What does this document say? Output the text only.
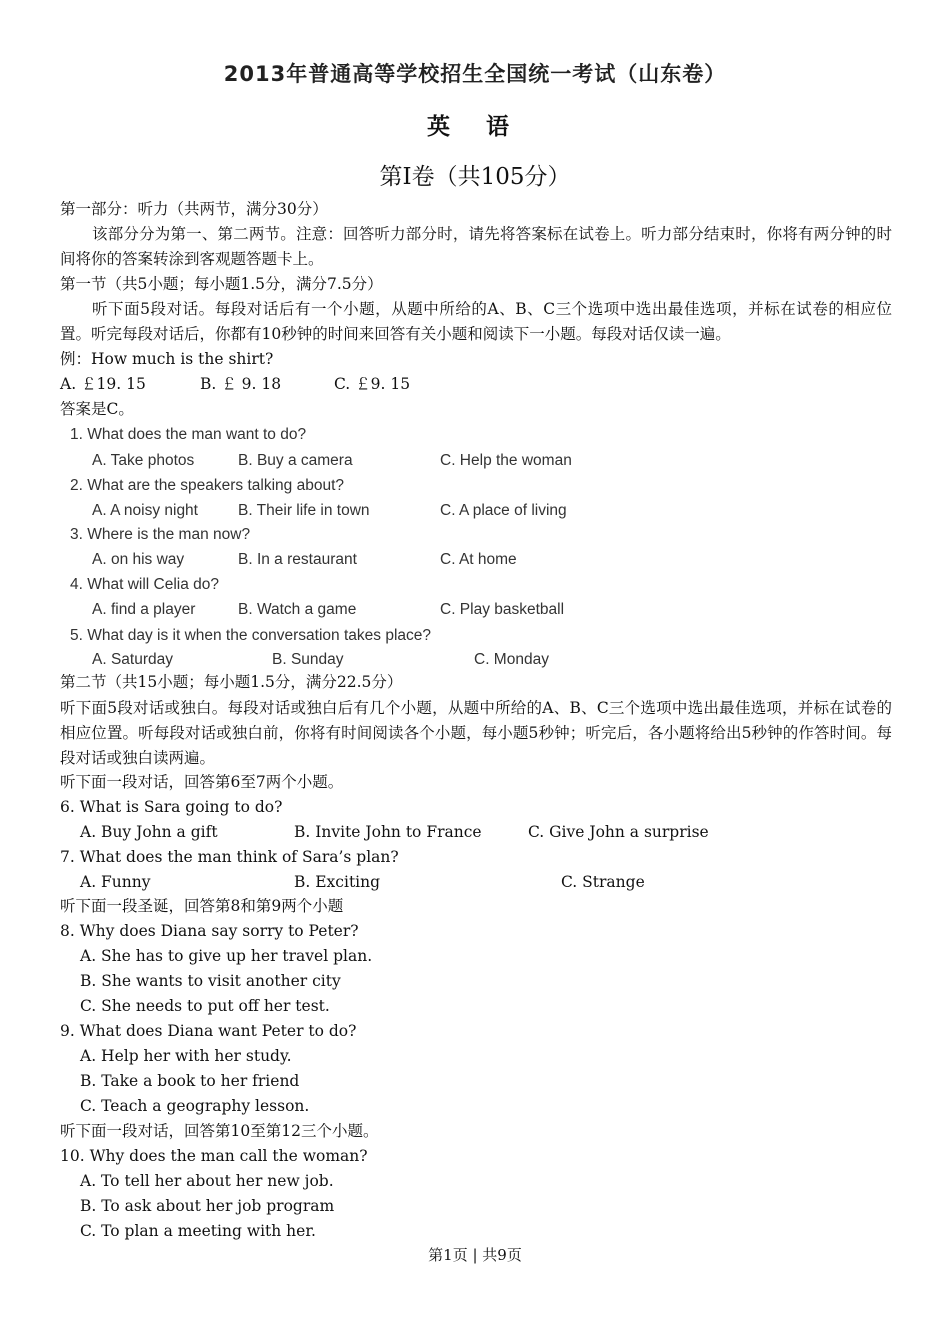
2013年普通高等学校招生全国统一考试（山东卷）
英 语
第I卷（共105分）
第一部分：听力（共两节，满分30分）
该部分分为第一、第二两节。注意：回答听力部分时，请先将答案标在试卷上。听力部分结束时，你将有两分钟的时间将你的答案转涂到客观题答题卡上。
第一节（共5小题；每小题1.5分，满分7.5分）
听下面5段对话。每段对话后有一个小题，从题中所给的A、B、C三个选项中选出最佳选项，并标在试卷的相应位置。听完每段对话后，你都有10秒钟的时间来回答有关小题和阅读下一小题。每段对话仅读一遍。
例：How much is the shirt?
A. ￡19. 15	B. ￡ 9. 18	C. ￡9. 15
答案是C。
1. What does the man want to do?
A. Take photos	B. Buy a camera	C. Help the woman
2. What are the speakers talking about?
A. A noisy night	B. Their life in town	C. A place of living
3. Where is the man now?
A. on his way	B. In a restaurant	C. At home
4. What will Celia do?
A. find a player	B. Watch a game	C. Play basketball
5. What day is it when the conversation takes place?
A. Saturday	B. Sunday	C. Monday
第二节（共15小题；每小题1.5分，满分22.5分）
听下面5段对话或独白。每段对话或独白后有几个小题，从题中所给的A、B、C三个选项中选出最佳选项，并标在试卷的相应位置。听每段对话或独白前，你将有时间阅读各个小题，每小题5秒钟；听完后，各小题将给出5秒钟的作答时间。每段对话或独白读两遍。
听下面一段对话，回答第6至7两个小题。
6. What is Sara going to do?
A. Buy John a gift	B. Invite John to France	C. Give John a surprise
7. What does the man think of Sara’s plan?
A. Funny	B. Exciting	C. Strange
听下面一段圣诞，回答第8和第9两个小题
8. Why does Diana say sorry to Peter?
A. She has to give up her travel plan.
B. She wants to visit another city
C. She needs to put off her test.
9. What does Diana want Peter to do?
A. Help her with her study.
B. Take a book to her friend
C. Teach a geography lesson.
听下面一段对话，回答第10至第12三个小题。
10. Why does the man call the woman?
A. To tell her about her new job.
B. To ask about her job program
C. To plan a meeting with her.
第1页 | 共9页
